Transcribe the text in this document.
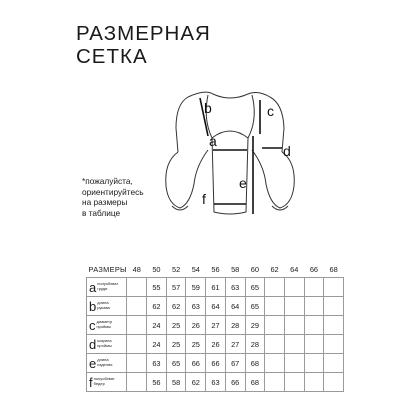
РАЗМЕРНАЯ
СЕТКА
b
a
c
d
e
f
*пожалуйста,
ориентируйтесь
на размеры
в таблице
РАЗМЕРЫ	48	50	52	54	56	58	60	62	64	66	68
a полуобхват
груди		55	57	59	61	63	65				
b длина
рукава		62	62	63	64	64	65				
c диаметр
проймы		24	25	26	27	28	29				
d ширина
проймы		24	25	25	26	27	28				
e длина
изделия		63	65	66	66	67	68				
f полуобхват
бедер		56	58	62	63	66	68				
